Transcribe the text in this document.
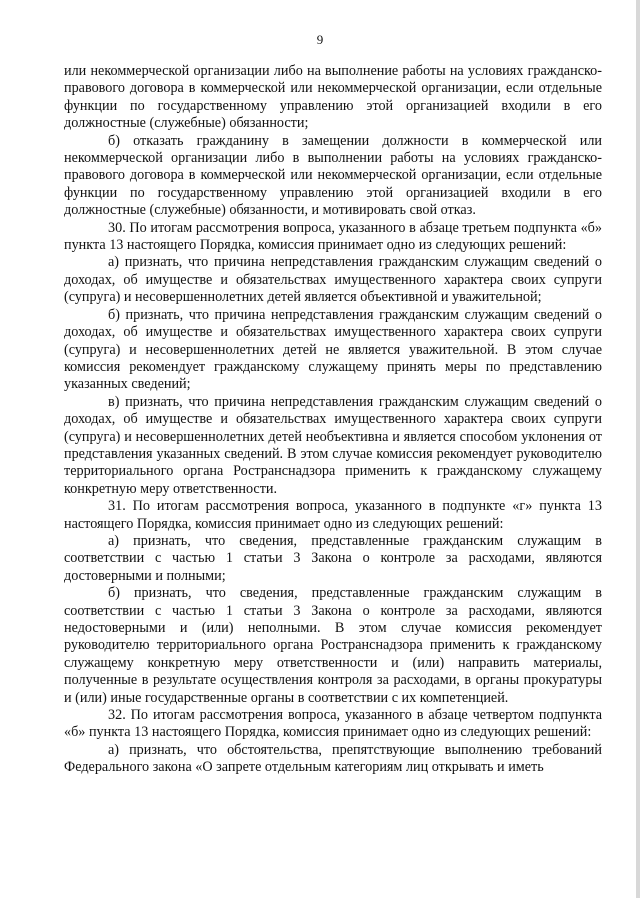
9

или некоммерческой организации либо на выполнение работы на условиях гражданско-правового договора в коммерческой или некоммерческой организации, если отдельные функции по государственному управлению этой организацией входили в его должностные (служебные) обязанности;

б) отказать гражданину в замещении должности в коммерческой или некоммерческой организации либо в выполнении работы на условиях гражданско-правового договора в коммерческой или некоммерческой организации, если отдельные функции по государственному управлению этой организацией входили в его должностные (служебные) обязанности, и мотивировать свой отказ.

30. По итогам рассмотрения вопроса, указанного в абзаце третьем подпункта «б» пункта 13 настоящего Порядка, комиссия принимает одно из следующих решений:

а) признать, что причина непредставления гражданским служащим сведений о доходах, об имуществе и обязательствах имущественного характера своих супруги (супруга) и несовершеннолетних детей является объективной и уважительной;

б) признать, что причина непредставления гражданским служащим сведений о доходах, об имуществе и обязательствах имущественного характера своих супруги (супруга) и несовершеннолетних детей не является уважительной. В этом случае комиссия рекомендует гражданскому служащему принять меры по представлению указанных сведений;

в) признать, что причина непредставления гражданским служащим сведений о доходах, об имуществе и обязательствах имущественного характера своих супруги (супруга) и несовершеннолетних детей необъективна и является способом уклонения от представления указанных сведений. В этом случае комиссия рекомендует руководителю территориального органа Ространснадзора применить к гражданскому служащему конкретную меру ответственности.

31. По итогам рассмотрения вопроса, указанного в подпункте «г» пункта 13 настоящего Порядка, комиссия принимает одно из следующих решений:

а) признать, что сведения, представленные гражданским служащим в соответствии с частью 1 статьи 3 Закона о контроле за расходами, являются достоверными и полными;

б) признать, что сведения, представленные гражданским служащим в соответствии с частью 1 статьи 3 Закона о контроле за расходами, являются недостоверными и (или) неполными. В этом случае комиссия рекомендует руководителю территориального органа Ространснадзора применить к гражданскому служащему конкретную меру ответственности и (или) направить материалы, полученные в результате осуществления контроля за расходами, в органы прокуратуры и (или) иные государственные органы в соответствии с их компетенцией.

32. По итогам рассмотрения вопроса, указанного в абзаце четвертом подпункта «б» пункта 13 настоящего Порядка, комиссия принимает одно из следующих решений:

а) признать, что обстоятельства, препятствующие выполнению требований Федерального закона «О запрете отдельным категориям лиц открывать и иметь
